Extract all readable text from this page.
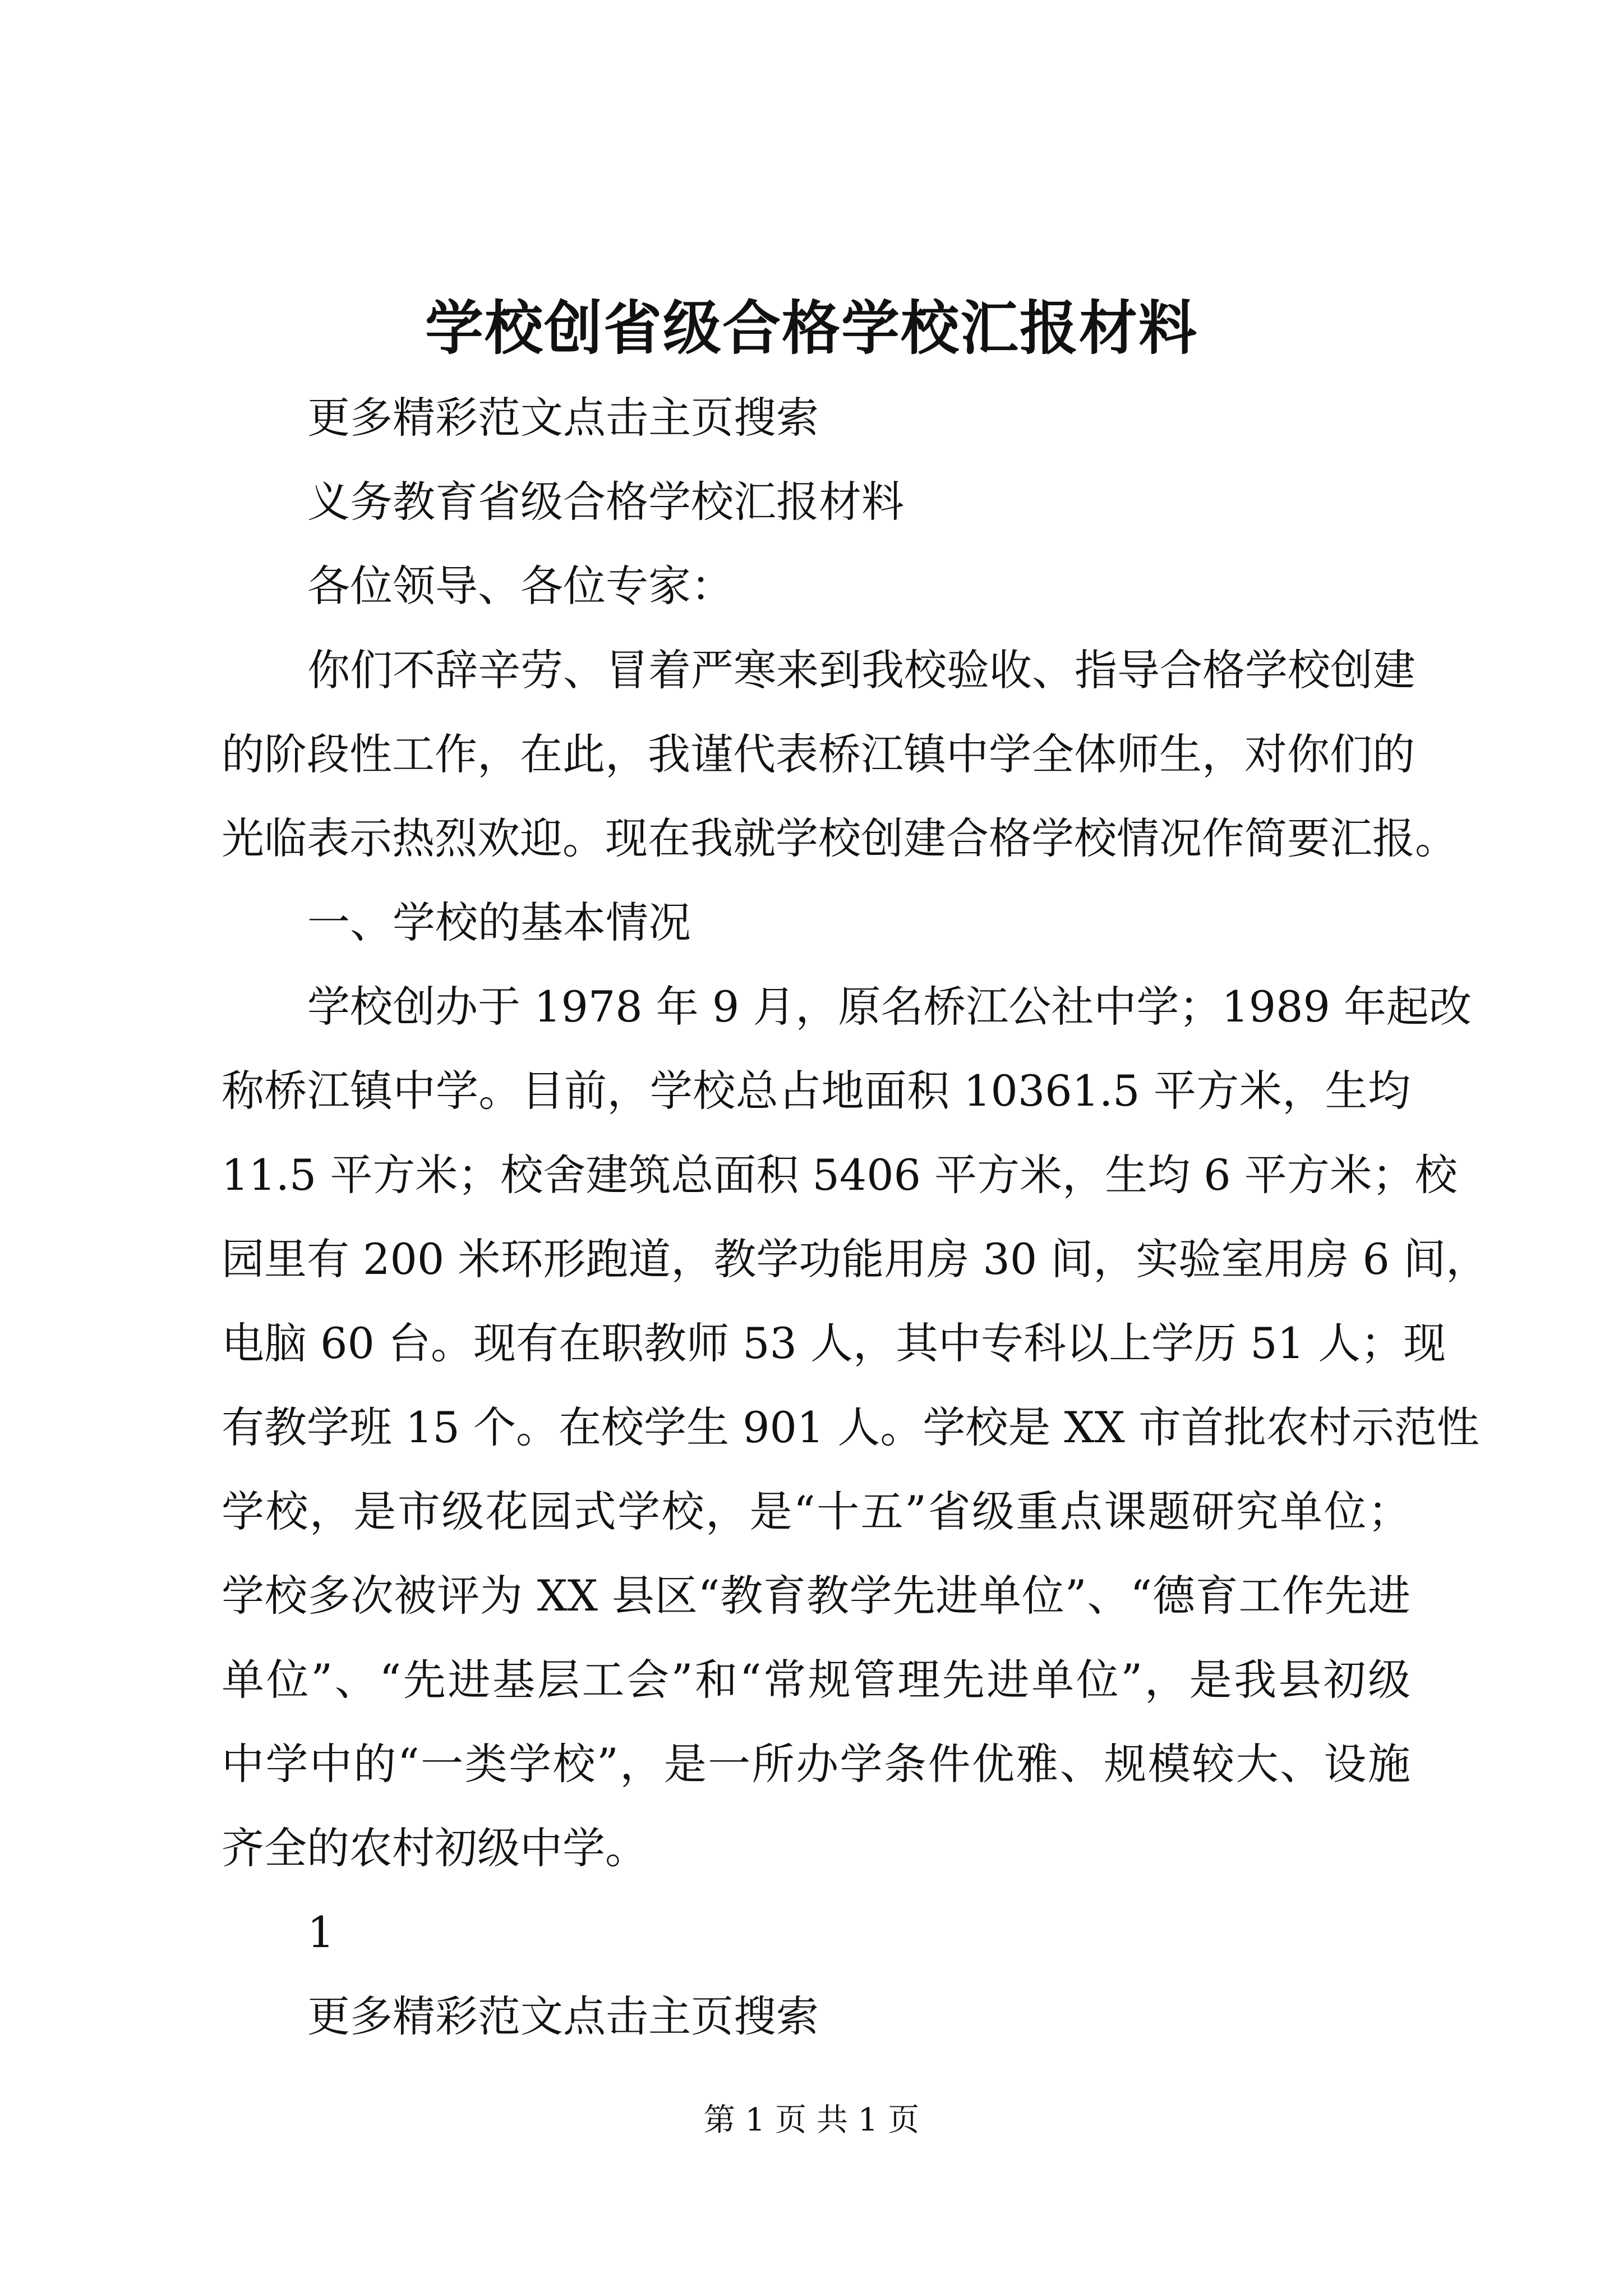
学校创省级合格学校汇报材料
更多精彩范文点击主页搜索
义务教育省级合格学校汇报材料
各位领导、各位专家：
你们不辞辛劳、冒着严寒来到我校验收、指导合格学校创建
的阶段性工作，在此，我谨代表桥江镇中学全体师生，对你们的
光临表示热烈欢迎。现在我就学校创建合格学校情况作简要汇报。
一、学校的基本情况
学校创办于 1978 年 9 月，原名桥江公社中学；1989 年起改
称桥江镇中学。目前，学校总占地面积 10361.5 平方米，生均
11.5 平方米；校舍建筑总面积 5406 平方米，生均 6 平方米；校
园里有 200 米环形跑道，教学功能用房 30 间，实验室用房 6 间，
电脑 60 台。现有在职教师 53 人，其中专科以上学历 51 人；现
有教学班 15 个。在校学生 901 人。学校是 XX 市首批农村示范性
学校，是市级花园式学校，是“十五”省级重点课题研究单位；
学校多次被评为 XX 县区“教育教学先进单位”、“德育工作先进
单位”、“先进基层工会”和“常规管理先进单位”，是我县初级
中学中的“一类学校”，是一所办学条件优雅、规模较大、设施
齐全的农村初级中学。
1
更多精彩范文点击主页搜索
第 1 页 共 1 页
